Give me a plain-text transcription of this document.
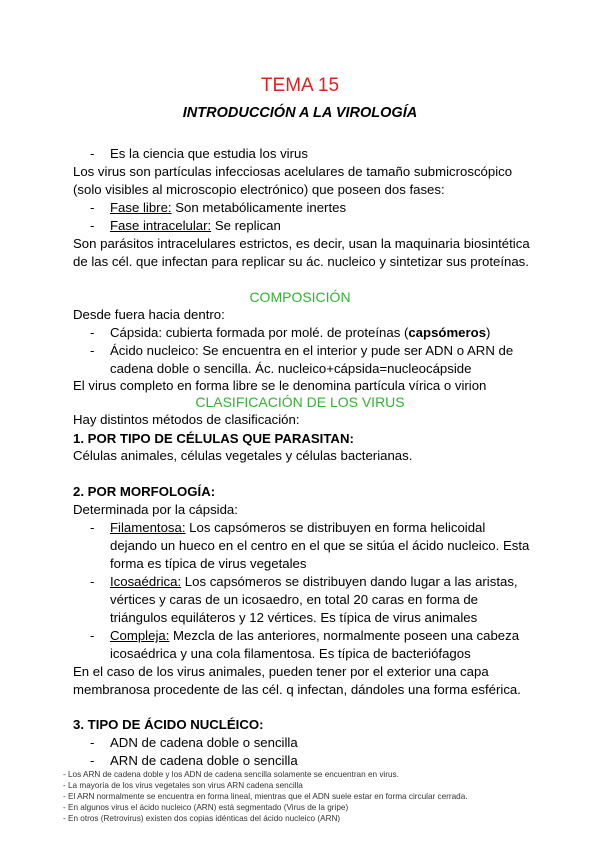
TEMA 15
INTRODUCCIÓN A LA VIROLOGÍA
- Es la ciencia que estudia los virus
Los virus son partículas infecciosas acelulares de tamaño submicroscópico
(solo visibles al microscopio electrónico) que poseen dos fases:
- Fase libre: Son metabólicamente inertes
- Fase intracelular: Se replican
Son parásitos intracelulares estrictos, es decir, usan la maquinaria biosintética
de las cél. que infectan para replicar su ác. nucleico y sintetizar sus proteínas.
COMPOSICIÓN
Desde fuera hacia dentro:
- Cápsida: cubierta formada por molé. de proteínas (capsómeros)
- Ácido nucleico: Se encuentra en el interior y pude ser ADN o ARN de
cadena doble o sencilla. Ác. nucleico+cápsida=nucleocápside
El virus completo en forma libre se le denomina partícula vírica o virion
CLASIFICACIÓN DE LOS VIRUS
Hay distintos métodos de clasificación:
1. POR TIPO DE CÉLULAS QUE PARASITAN:
Células animales, células vegetales y células bacterianas.
2. POR MORFOLOGÍA:
Determinada por la cápsida:
- Filamentosa: Los capsómeros se distribuyen en forma helicoidal
dejando un hueco en el centro en el que se sitúa el ácido nucleico. Esta
forma es típica de virus vegetales
- Icosaédrica: Los capsómeros se distribuyen dando lugar a las aristas,
vértices y caras de un icosaedro, en total 20 caras en forma de
triángulos equiláteros y 12 vértices. Es típica de virus animales
- Compleja: Mezcla de las anteriores, normalmente poseen una cabeza
icosaédrica y una cola filamentosa. Es típica de bacteriófagos
En el caso de los virus animales, pueden tener por el exterior una capa
membranosa procedente de las cél. q infectan, dándoles una forma esférica.
3. TIPO DE ÁCIDO NUCLÉICO:
- ADN de cadena doble o sencilla
- ARN de cadena doble o sencilla
- Los ARN de cadena doble y los ADN de cadena sencilla solamente se encuentran en virus.
- La mayoría de los virus vegetales son virus ARN cadena sencilla
- El ARN normalmente se encuentra en forma lineal, mientras que el ADN suele estar en forma circular cerrada.
- En algunos virus el ácido nucleico (ARN) está segmentado (Virus de la gripe)
- En otros (Retrovirus) existen dos copias idénticas del ácido nucleico (ARN)
